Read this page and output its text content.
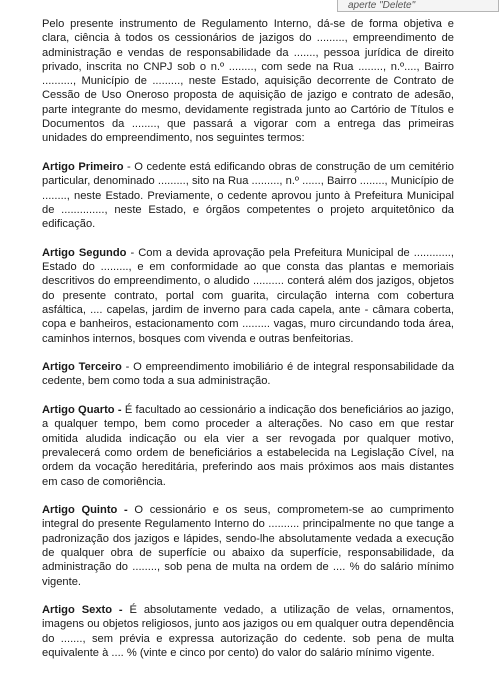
aperte "Delete"

Pelo presente instrumento de Regulamento Interno, dá-se de forma objetiva e clara, ciência à todos os cessionários de jazigos do ........., empreendimento de administração e vendas de responsabilidade da ......., pessoa jurídica de direito privado, inscrita no CNPJ sob o n.º ........, com sede na Rua ........, n.º...., Bairro .........., Município de ........., neste Estado, aquisição decorrente de Contrato de Cessão de Uso Oneroso proposta de aquisição de jazigo e contrato de adesão, parte integrante do mesmo, devidamente registrada junto ao Cartório de Títulos e Documentos da ........, que passará a vigorar com a entrega das primeiras unidades do empreendimento, nos seguintes termos:

Artigo Primeiro - O cedente está edificando obras de construção de um cemitério particular, denominado ........., sito na Rua ........., n.º ......, Bairro ........, Município de ........, neste Estado. Previamente, o cedente aprovou junto à Prefeitura Municipal de .............., neste Estado, e órgãos competentes o projeto arquitetônico da edificação.

Artigo Segundo - Com a devida aprovação pela Prefeitura Municipal de ............, Estado do ........., e em conformidade ao que consta das plantas e memoriais descritivos do empreendimento, o aludido .......... conterá além dos jazigos, objetos do presente contrato, portal com guarita, circulação interna com cobertura asfáltica, .... capelas, jardim de inverno para cada capela, ante - câmara coberta, copa e banheiros, estacionamento com ......... vagas, muro circundando toda área, caminhos internos, bosques com vivenda e outras benfeitorias.

Artigo Terceiro - O empreendimento imobiliário é de integral responsabilidade da cedente, bem como toda a sua administração.

Artigo Quarto - É facultado ao cessionário a indicação dos beneficiários ao jazigo, a qualquer tempo, bem como proceder a alterações. No caso em que restar omitida aludida indicação ou ela vier a ser revogada por qualquer motivo, prevalecerá como ordem de beneficiários a estabelecida na Legislação Cível, na ordem da vocação hereditária, preferindo aos mais próximos aos mais distantes em caso de comoriência.

Artigo Quinto - O cessionário e os seus, comprometem-se ao cumprimento integral do presente Regulamento Interno do .......... principalmente no que tange a padronização dos jazigos e lápides, sendo-lhe absolutamente vedada a execução de qualquer obra de superfície ou abaixo da superfície, responsabilidade, da administração do ........, sob pena de multa na ordem de .... % do salário mínimo vigente.

Artigo Sexto - É absolutamente vedado, a utilização de velas, ornamentos, imagens ou objetos religiosos, junto aos jazigos ou em qualquer outra dependência do ......., sem prévia e expressa autorização do cedente. sob pena de multa equivalente à .... % (vinte e cinco por cento) do valor do salário mínimo vigente.
